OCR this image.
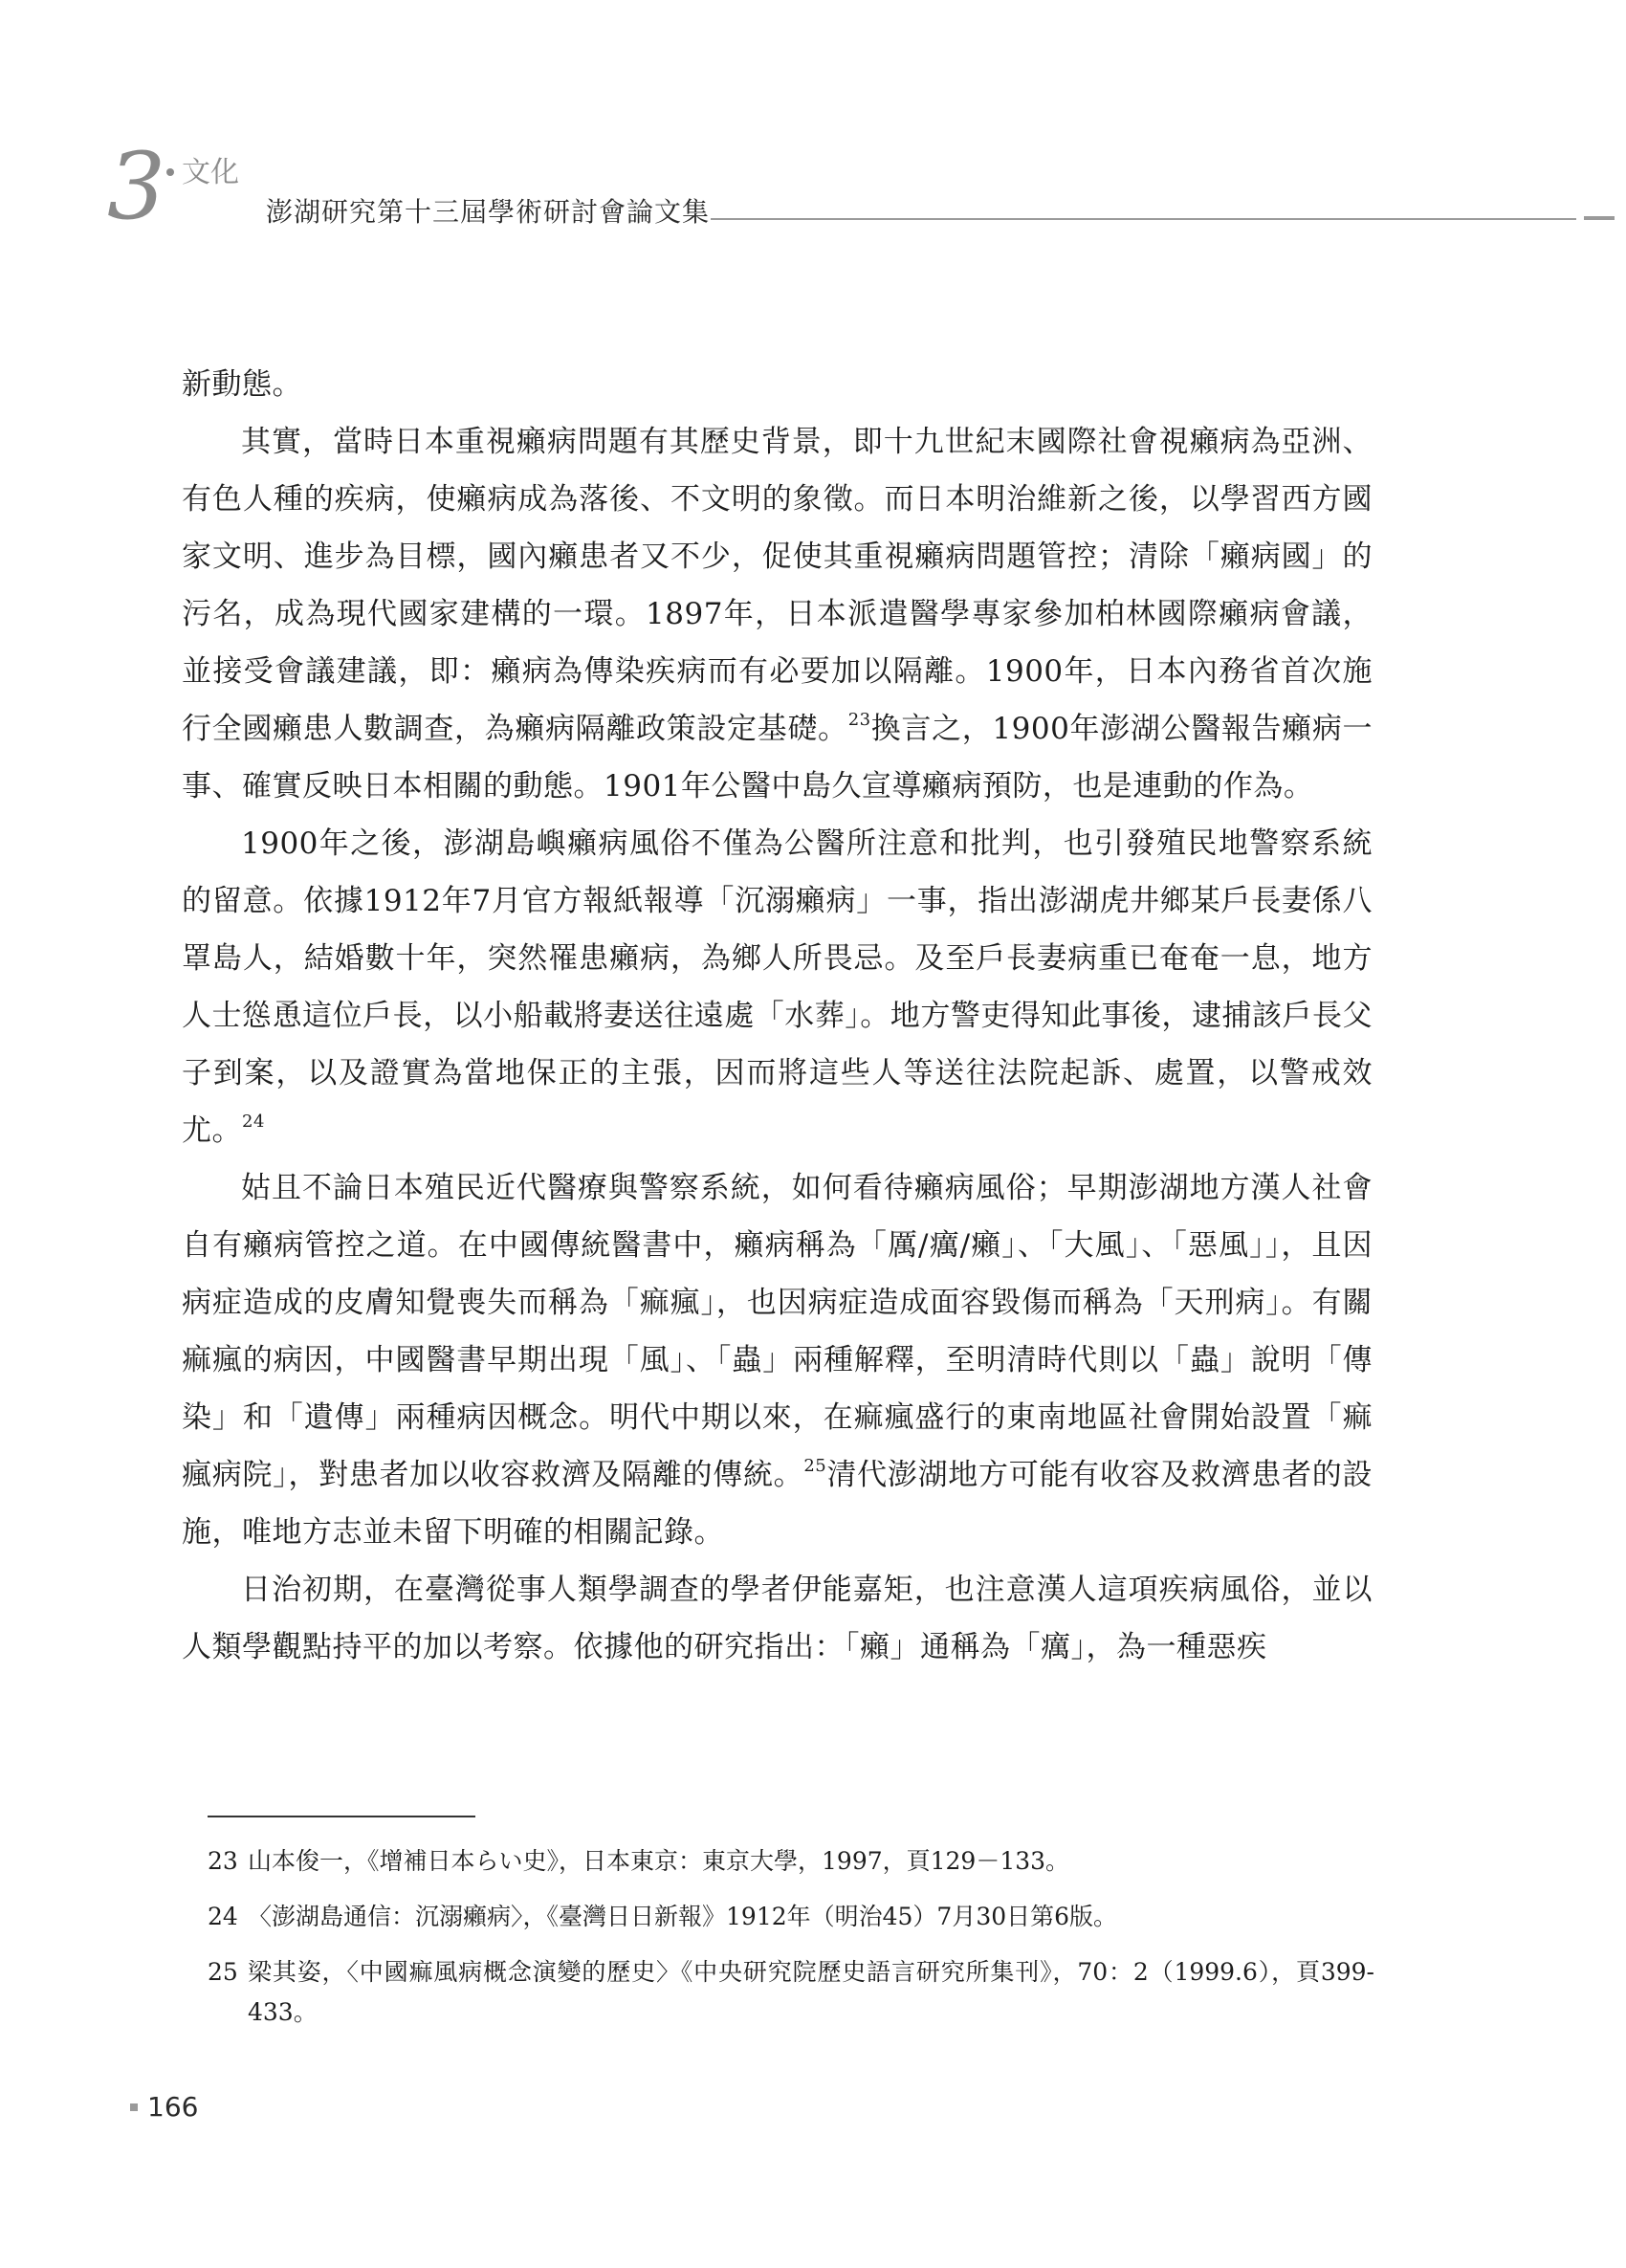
3 文化
澎湖研究第十三屆學術研討會論文集

新動態。

其實，當時日本重視癩病問題有其歷史背景，即十九世紀末國際社會視癩病為亞洲、有色人種的疾病，使癩病成為落後、不文明的象徵。而日本明治維新之後，以學習西方國家文明、進步為目標，國內癩患者又不少，促使其重視癩病問題管控；清除「癩病國」的污名，成為現代國家建構的一環。1897年，日本派遣醫學專家參加柏林國際癩病會議，並接受會議建議，即：癩病為傳染疾病而有必要加以隔離。1900年，日本內務省首次施行全國癩患人數調查，為癩病隔離政策設定基礎。$^{23}$換言之，1900年澎湖公醫報告癩病一事、確實反映日本相關的動態。1901年公醫中島久宣導癩病預防，也是連動的作為。

1900年之後，澎湖島嶼癩病風俗不僅為公醫所注意和批判，也引發殖民地警察系統的留意。依據1912年7月官方報紙報導「沉溺癩病」一事，指出澎湖虎井鄉某戶長妻係八罩島人，結婚數十年，突然罹患癩病，為鄉人所畏忌。及至戶長妻病重已奄奄一息，地方人士慫恿這位戶長，以小船載將妻送往遠處「水葬」。地方警吏得知此事後，逮捕該戶長父子到案，以及證實為當地保正的主張，因而將這些人等送往法院起訴、處置，以警戒效尤。$^{24}$

姑且不論日本殖民近代醫療與警察系統，如何看待癩病風俗；早期澎湖地方漢人社會自有癩病管控之道。在中國傳統醫書中，癩病稱為「厲/癘/癩」、「大風」、「惡風」」，且因病症造成的皮膚知覺喪失而稱為「痲瘋」，也因病症造成面容毀傷而稱為「天刑病」。有關痲瘋的病因，中國醫書早期出現「風」、「蟲」兩種解釋，至明清時代則以「蟲」說明「傳染」和「遺傳」兩種病因概念。明代中期以來，在痲瘋盛行的東南地區社會開始設置「痲瘋病院」，對患者加以收容救濟及隔離的傳統。$^{25}$清代澎湖地方可能有收容及救濟患者的設施，唯地方志並未留下明確的相關記錄。

日治初期，在臺灣從事人類學調查的學者伊能嘉矩，也注意漢人這項疾病風俗，並以人類學觀點持平的加以考察。依據他的研究指出：「癩」通稱為「癘」，為一種惡疾

23 山本俊一，《增補日本らい史》，日本東京：東京大學，1997，頁129－133。
24 〈澎湖島通信：沉溺癩病〉，《臺灣日日新報》1912年（明治45）7月30日第6版。
25 梁其姿，〈中國痲風病概念演變的歷史〉《中央研究院歷史語言研究所集刊》，70：2（1999.6），頁399-433。
166
